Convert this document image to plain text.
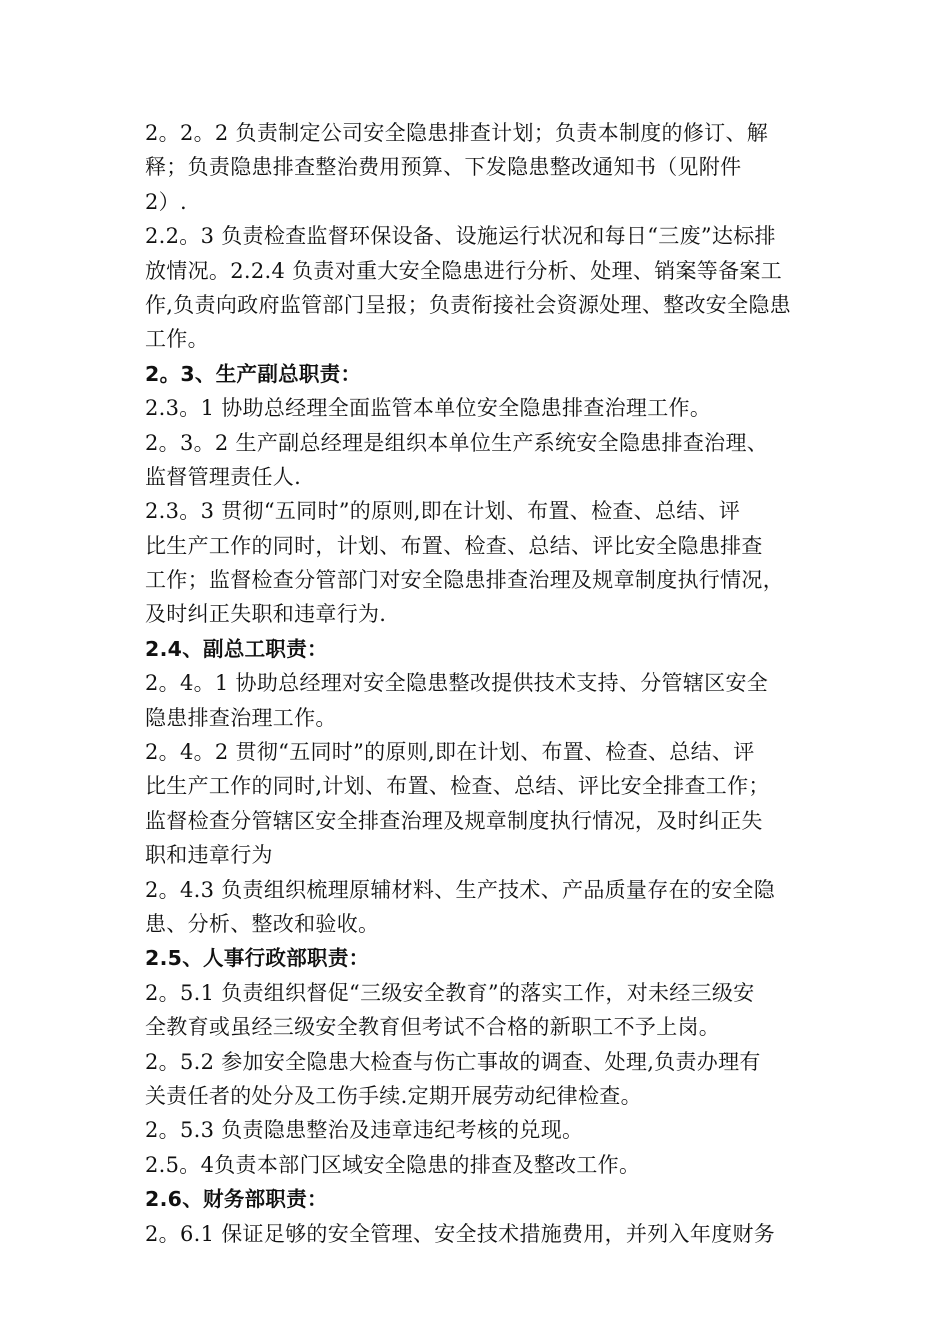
2。2。2 负责制定公司安全隐患排查计划；负责本制度的修订、解
释；负责隐患排查整治费用预算、下发隐患整改通知书（见附件
2）.
2.2。3 负责检查监督环保设备、设施运行状况和每日“三废”达标排
放情况。2.2.4 负责对重大安全隐患进行分析、处理、销案等备案工
作,负责向政府监管部门呈报；负责衔接社会资源处理、整改安全隐患
工作。
2。3、生产副总职责：
2.3。1 协助总经理全面监管本单位安全隐患排查治理工作。
2。3。2 生产副总经理是组织本单位生产系统安全隐患排查治理、
监督管理责任人.
2.3。3 贯彻“五同时”的原则,即在计划、布置、检查、总结、评
比生产工作的同时，计划、布置、检查、总结、评比安全隐患排查
工作；监督检查分管部门对安全隐患排查治理及规章制度执行情况，
及时纠正失职和违章行为.
2.4、副总工职责：
2。4。1 协助总经理对安全隐患整改提供技术支持、分管辖区安全
隐患排查治理工作。
2。4。2 贯彻“五同时”的原则,即在计划、布置、检查、总结、评
比生产工作的同时,计划、布置、检查、总结、评比安全排查工作；
监督检查分管辖区安全排查治理及规章制度执行情况，及时纠正失
职和违章行为
2。4.3 负责组织梳理原辅材料、生产技术、产品质量存在的安全隐
患、分析、整改和验收。
2.5、人事行政部职责：
2。5.1 负责组织督促“三级安全教育”的落实工作，对未经三级安
全教育或虽经三级安全教育但考试不合格的新职工不予上岗。
2。5.2 参加安全隐患大检查与伤亡事故的调查、处理,负责办理有
关责任者的处分及工伤手续.定期开展劳动纪律检查。
2。5.3 负责隐患整治及违章违纪考核的兑现。
2.5。4负责本部门区域安全隐患的排查及整改工作。
2.6、财务部职责：
2。6.1 保证足够的安全管理、安全技术措施费用，并列入年度财务
